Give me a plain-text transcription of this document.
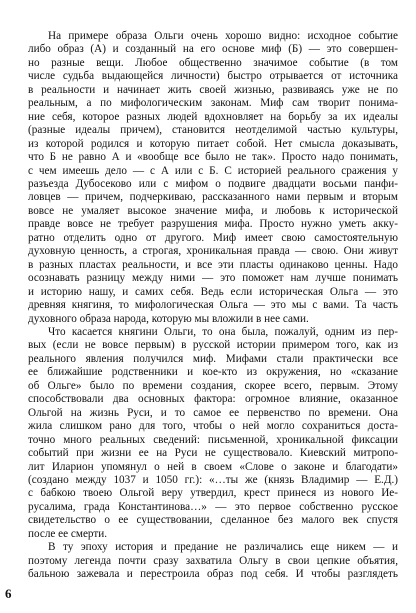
На примере образа Ольги очень хорошо видно: исходное событие
либо образ (А) и созданный на его основе миф (Б) — это совершен-
но разные вещи. Любое общественно значимое событие (в том
числе судьба выдающейся личности) быстро отрывается от источника
в реальности и начинает жить своей жизнью, развиваясь уже не по
реальным, а по мифологическим законам. Миф сам творит понима-
ние себя, которое разных людей вдохновляет на борьбу за их идеалы
(разные идеалы причем), становится неотделимой частью культуры,
из которой родился и которую питает собой. Нет смысла доказывать,
что Б не равно А и «вообще все было не так». Просто надо понимать,
с чем имеешь дело — с А или с Б. С историей реального сражения у
разъезда Дубосеково или с мифом о подвиге двадцати восьми панфи-
ловцев — причем, подчеркиваю, рассказанного нами первым и вторым
вовсе не умаляет высокое значение мифа, и любовь к исторической
правде вовсе не требует разрушения мифа. Просто нужно уметь акку-
ратно отделить одно от другого. Миф имеет свою самостоятельную
духовную ценность, а строгая, хроникальная правда — свою. Они живут
в разных пластах реальности, и все эти пласты одинаково ценны. Надо
осознавать разницу между ними — это поможет нам лучше понимать
и историю нашу, и самих себя. Ведь если историческая Ольга — это
древняя княгиня, то мифологическая Ольга — это мы с вами. Та часть
духовного образа народа, которую мы вложили в нее сами.
Что касается княгини Ольги, то она была, пожалуй, одним из пер-
вых (если не вовсе первым) в русской истории примером того, как из
реального явления получился миф. Мифами стали практически все
ее ближайшие родственники и кое-кто из окружения, но «сказание
об Ольге» было по времени создания, скорее всего, первым. Этому
способствовали два основных фактора: огромное влияние, оказанное
Ольгой на жизнь Руси, и то самое ее первенство по времени. Она
жила слишком рано для того, чтобы о ней могло сохраниться доста-
точно много реальных сведений: письменной, хроникальной фиксации
событий при жизни ее на Руси не существовало. Киевский митропо-
лит Иларион упомянул о ней в своем «Слове о законе и благодати»
(создано между 1037 и 1050 гг.): «…ты же (князь Владимир — Е.Д.)
с бабкою твоею Ольгой веру утвердил, крест принеся из нового Ие-
русалима, града Константинова…» — это первое собственно русское
свидетельство о ее существовании, сделанное без малого век спустя
после ее смерти.
В ту эпоху история и предание не различались еще никем — и
поэтому легенда почти сразу захватила Ольгу в свои цепкие объятия,
бальною зажевала и перестроила образ под себя. И чтобы разглядеть
6
